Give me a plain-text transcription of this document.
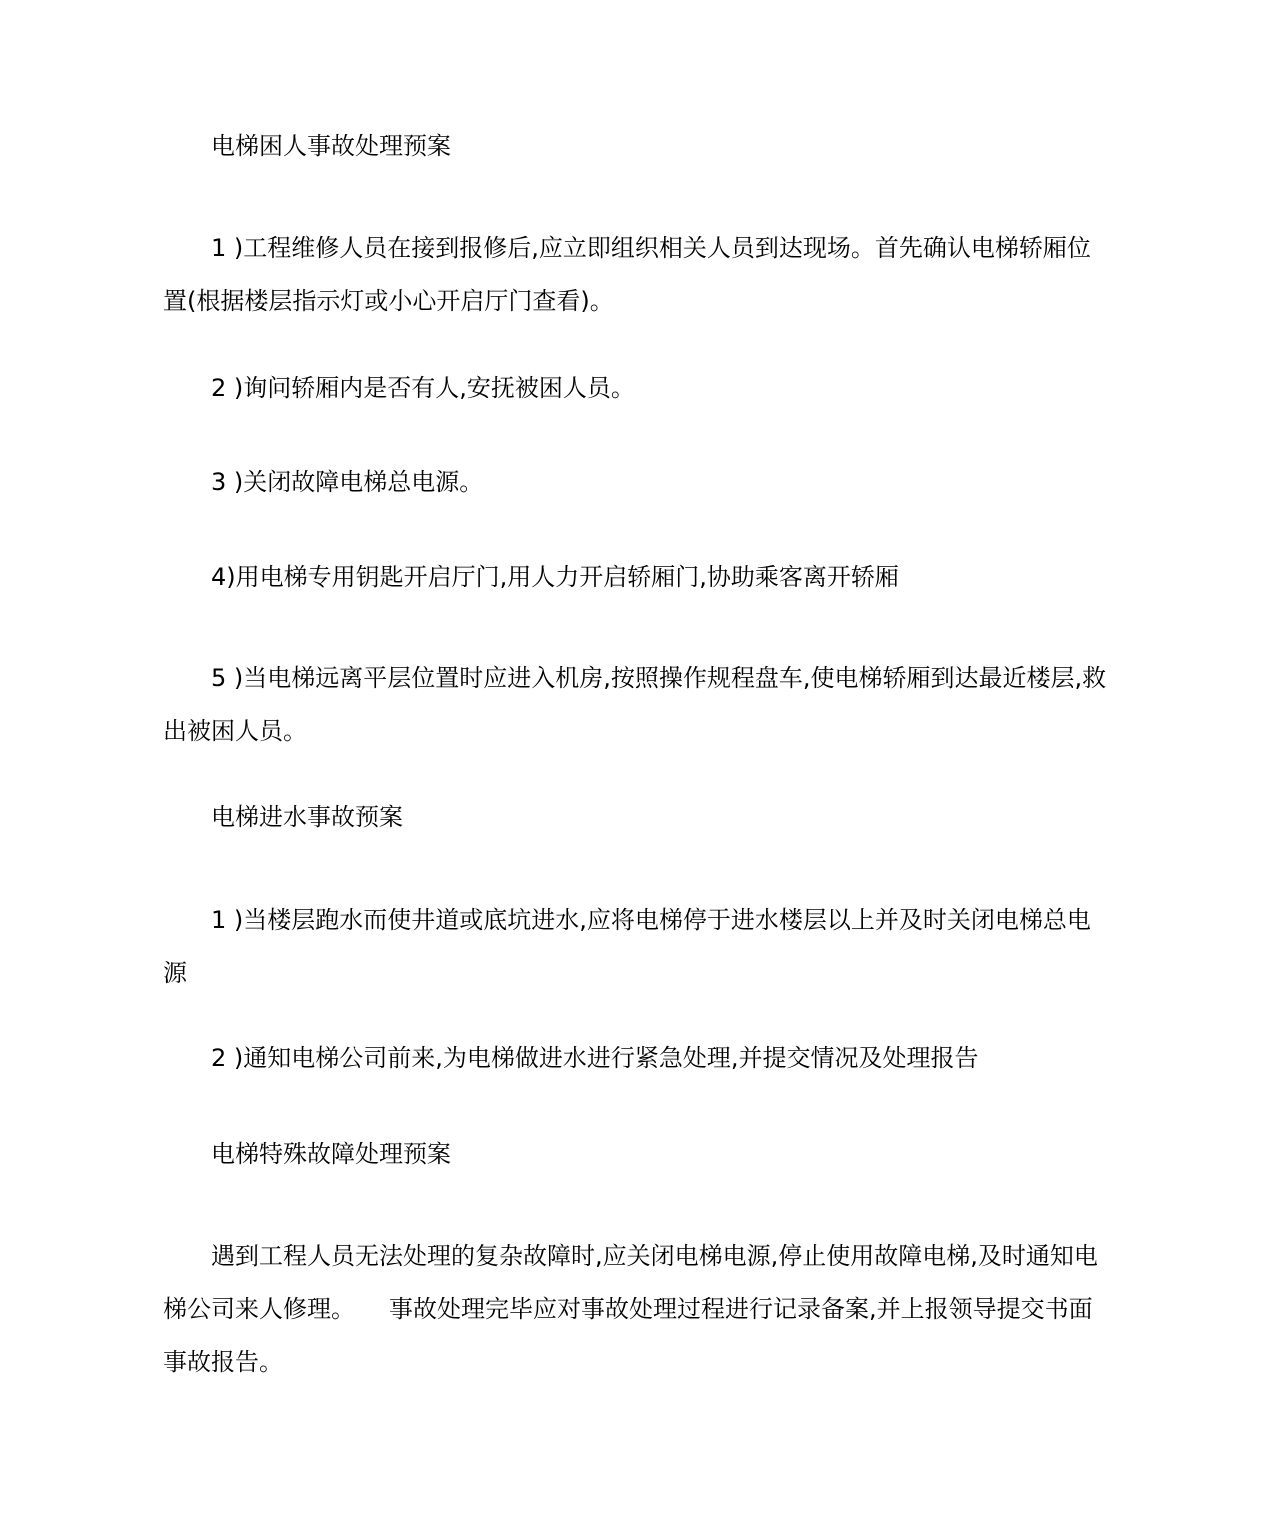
电梯困人事故处理预案

1 )工程维修人员在接到报修后,应立即组织相关人员到达现场。首先确认电梯轿厢位置(根据楼层指示灯或小心开启厅门查看)。

2 )询问轿厢内是否有人,安抚被困人员。

3 )关闭故障电梯总电源。

4)用电梯专用钥匙开启厅门,用人力开启轿厢门,协助乘客离开轿厢

5 )当电梯远离平层位置时应进入机房,按照操作规程盘车,使电梯轿厢到达最近楼层,救出被困人员。

电梯进水事故预案

1 )当楼层跑水而使井道或底坑进水,应将电梯停于进水楼层以上并及时关闭电梯总电源

2 )通知电梯公司前来,为电梯做进水进行紧急处理,并提交情况及处理报告

电梯特殊故障处理预案

遇到工程人员无法处理的复杂故障时,应关闭电梯电源,停止使用故障电梯,及时通知电梯公司来人修理。 事故处理完毕应对事故处理过程进行记录备案,并上报领导提交书面事故报告。
